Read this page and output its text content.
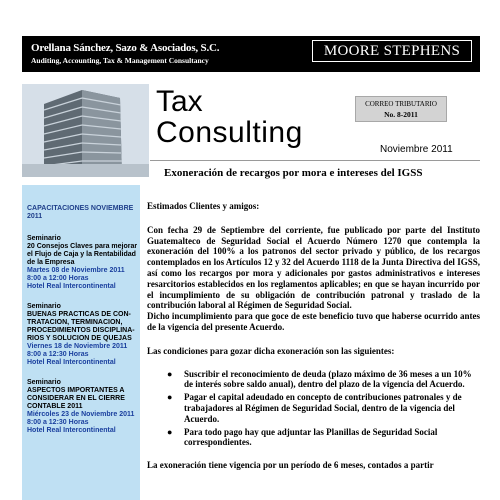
Orellana Sánchez, Sazo & Asociados, S.C.
Auditing, Accounting, Tax & Management Consultancy
MOORE STEPHENS
Tax
Consulting
CORREO TRIBUTARIO
No. 8-2011
Noviembre 2011
Exoneración de recargos por mora e intereses del IGSS
CAPACITACIONES NOVIEMBRE 2011
Seminario
20 Consejos Claves para mejorar el Flujo de Caja y la Rentabilidad de la Empresa
Martes 08 de Noviembre 2011
8:00 a 12:00 Horas
Hotel Real Intercontinental
Seminario
BUENAS PRACTICAS DE CON-TRATACION, TERMINACION, PROCEDIMIENTOS DISCIPLINA-RIOS Y SOLUCION DE QUEJAS
Viernes 18 de Noviembre 2011
8:00 a 12:30 Horas
Hotel Real Intercontinental
Seminario
ASPECTOS IMPORTANTES A CONSIDERAR EN EL CIERRE CONTABLE 2011
Miércoles 23 de Noviembre 2011
8:00 a 12:30 Horas
Hotel Real Intercontinental

Estimados Clientes y amigos:

Con fecha 29 de Septiembre del corriente, fue publicado por parte del Instituto Guatemalteco de Seguridad Social el Acuerdo Número 1270 que contempla la exoneración del 100% a los patronos del sector privado y público, de los recargos contemplados en los Artículos 12 y 32 del Acuerdo 1118 de la Junta Directiva del IGSS, así como los recargos por mora y adicionales por gastos administrativos e intereses resarcitorios establecidos en los reglamentos aplicables; en que se hayan incurrido por el incumplimiento de su obligación de contribución patronal y traslado de la contribución laboral al Régimen de Seguridad Social.

Dicho incumplimiento para que goce de este beneficio tuvo que haberse ocurrido antes de la vigencia del presente Acuerdo.

Las condiciones para gozar dicha exoneración son las siguientes:

● Suscribir el reconocimiento de deuda (plazo máximo de 36 meses a un 10% de interés sobre saldo anual), dentro del plazo de la vigencia del Acuerdo.
● Pagar el capital adeudado en concepto de contribuciones patronales y de trabajadores al Régimen de Seguridad Social, dentro de la vigencia del Acuerdo.
● Para todo pago hay que adjuntar las Planillas de Seguridad Social correspondientes.

La exoneración tiene vigencia por un período de 6 meses, contados a partir
